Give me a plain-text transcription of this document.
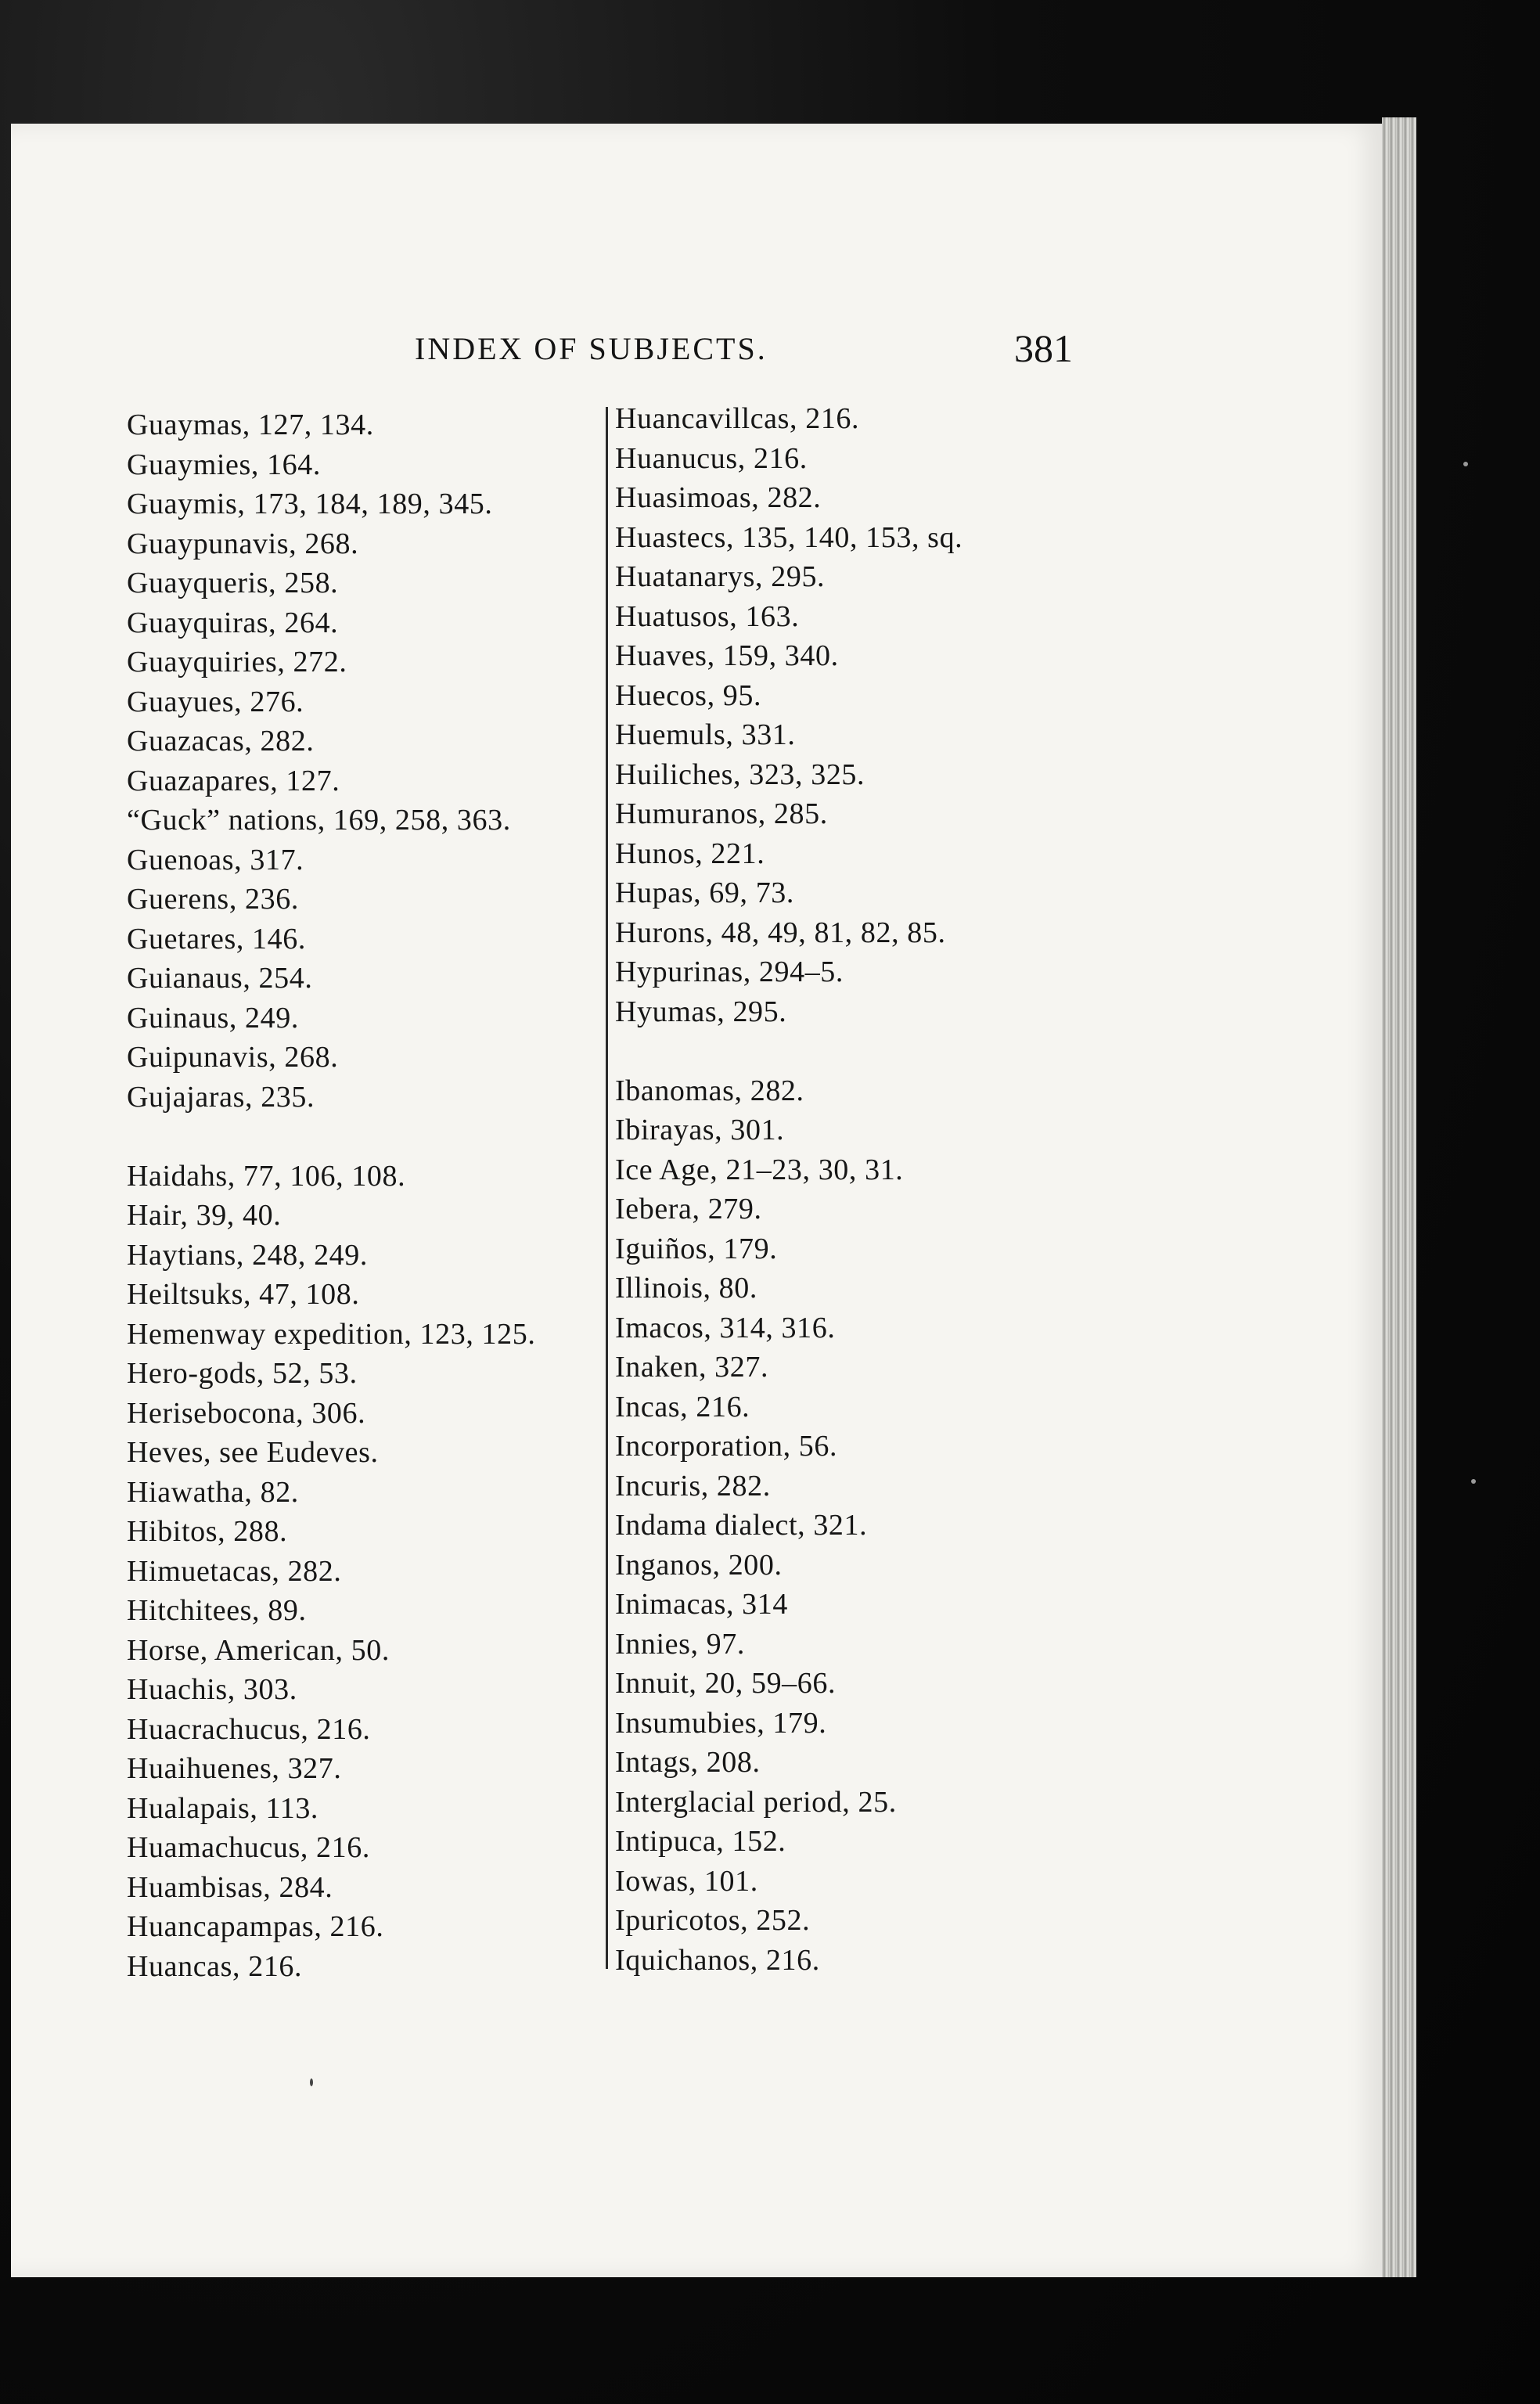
INDEX OF SUBJECTS.	381
Guaymas, 127, 134.
Guaymies, 164.
Guaymis, 173, 184, 189, 345.
Guaypunavis, 268.
Guayqueris, 258.
Guayquiras, 264.
Guayquiries, 272.
Guayues, 276.
Guazacas, 282.
Guazapares, 127.
“Guck” nations, 169, 258, 363.
Guenoas, 317.
Guerens, 236.
Guetares, 146.
Guianaus, 254.
Guinaus, 249.
Guipunavis, 268.
Gujajaras, 235.
Haidahs, 77, 106, 108.
Hair, 39, 40.
Haytians, 248, 249.
Heiltsuks, 47, 108.
Hemenway expedition, 123, 125.
Hero-gods, 52, 53.
Herisebocona, 306.
Heves, see Eudeves.
Hiawatha, 82.
Hibitos, 288.
Himuetacas, 282.
Hitchitees, 89.
Horse, American, 50.
Huachis, 303.
Huacrachucus, 216.
Huaihuenes, 327.
Hualapais, 113.
Huamachucus, 216.
Huambisas, 284.
Huancapampas, 216.
Huancas, 216.
Huancavillcas, 216.
Huanucus, 216.
Huasimoas, 282.
Huastecs, 135, 140, 153, sq.
Huatanarys, 295.
Huatusos, 163.
Huaves, 159, 340.
Huecos, 95.
Huemuls, 331.
Huiliches, 323, 325.
Humuranos, 285.
Hunos, 221.
Hupas, 69, 73.
Hurons, 48, 49, 81, 82, 85.
Hypurinas, 294–5.
Hyumas, 295.
Ibanomas, 282.
Ibirayas, 301.
Ice Age, 21–23, 30, 31.
Iebera, 279.
Iguiños, 179.
Illinois, 80.
Imacos, 314, 316.
Inaken, 327.
Incas, 216.
Incorporation, 56.
Incuris, 282.
Indama dialect, 321.
Inganos, 200.
Inimacas, 314
Innies, 97.
Innuit, 20, 59–66.
Insumubies, 179.
Intags, 208.
Interglacial period, 25.
Intipuca, 152.
Iowas, 101.
Ipuricotos, 252.
Iquichanos, 216.
